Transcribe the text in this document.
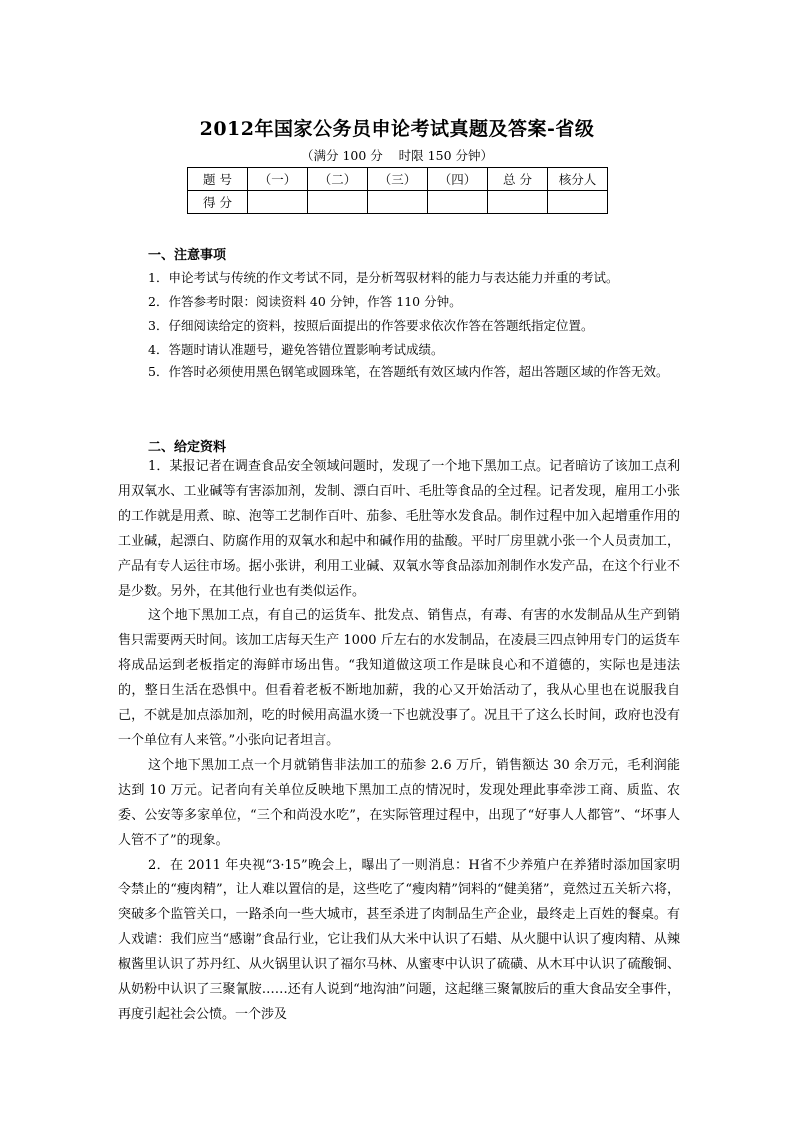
2012年国家公务员申论考试真题及答案-省级
（满分 100 分    时限 150 分钟）
题 号	（一）	（二）	（三）	（四）	总 分	核分人
得 分						
一、注意事项
1．申论考试与传统的作文考试不同，是分析驾驭材料的能力与表达能力并重的考试。
2．作答参考时限：阅读资料 40 分钟，作答 110 分钟。
3．仔细阅读给定的资料，按照后面提出的作答要求依次作答在答题纸指定位置。
4．答题时请认准题号，避免答错位置影响考试成绩。
5．作答时必须使用黑色钢笔或圆珠笔，在答题纸有效区域内作答，超出答题区域的作答无效。
二、给定资料

1．某报记者在调查食品安全领域问题时，发现了一个地下黑加工点。记者暗访了该加工点利用双氧水、工业碱等有害添加剂，发制、漂白百叶、毛肚等食品的全过程。记者发现，雇用工小张的工作就是用煮、晾、泡等工艺制作百叶、茄参、毛肚等水发食品。制作过程中加入起增重作用的工业碱，起漂白、防腐作用的双氧水和起中和碱作用的盐酸。平时厂房里就小张一个人员责加工，产品有专人运往市场。据小张讲，利用工业碱、双氧水等食品添加剂制作水发产品，在这个行业不是少数。另外，在其他行业也有类似运作。

这个地下黑加工点，有自己的运货车、批发点、销售点，有毒、有害的水发制品从生产到销售只需要两天时间。该加工店每天生产 1000 斤左右的水发制品，在凌晨三四点钟用专门的运货车将成品运到老板指定的海鲜市场出售。“我知道做这项工作是昧良心和不道德的，实际也是违法的，整日生活在恐惧中。但看着老板不断地加薪，我的心又开始活动了，我从心里也在说服我自己，不就是加点添加剂，吃的时候用高温水烫一下也就没事了。况且干了这么长时间，政府也没有一个单位有人来管。”小张向记者坦言。

这个地下黑加工点一个月就销售非法加工的茄参 2.6 万斤，销售额达 30 余万元，毛利润能达到 10 万元。记者向有关单位反映地下黑加工点的情况时，发现处理此事牵涉工商、质监、农委、公安等多家单位，“三个和尚没水吃”，在实际管理过程中，出现了“好事人人都管”、“坏事人人管不了”的现象。

2．在 2011 年央视“3·15”晚会上，曝出了一则消息：H省不少养殖户在养猪时添加国家明令禁止的“瘦肉精”，让人难以置信的是，这些吃了“瘦肉精”饲料的“健美猪”，竟然过五关斩六将，突破多个监管关口，一路杀向一些大城市，甚至杀进了肉制品生产企业，最终走上百姓的餐桌。有人戏谑：我们应当“感谢”食品行业，它让我们从大米中认识了石蜡、从火腿中认识了瘦肉精、从辣椒酱里认识了苏丹红、从火锅里认识了福尔马林、从蜜枣中认识了硫磺、从木耳中认识了硫酸铜、从奶粉中认识了三聚氰胺……还有人说到“地沟油”问题，这起继三聚氰胺后的重大食品安全事件，再度引起社会公愤。一个涉及
